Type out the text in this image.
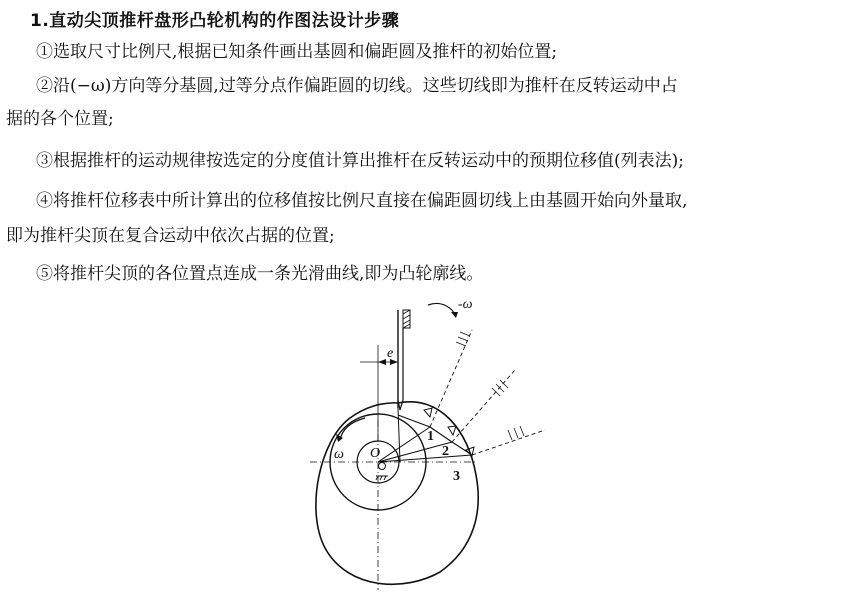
1.直动尖顶推杆盘形凸轮机构的作图法设计步骤
①选取尺寸比例尺,根据已知条件画出基圆和偏距圆及推杆的初始位置;
②沿(−ω)方向等分基圆,过等分点作偏距圆的切线。这些切线即为推杆在反转运动中占
据的各个位置;
③根据推杆的运动规律按选定的分度值计算出推杆在反转运动中的预期位移值(列表法);
④将推杆位移表中所计算出的位移值按比例尺直接在偏距圆切线上由基圆开始向外量取,
即为推杆尖顶在复合运动中依次占据的位置;
⑤将推杆尖顶的各位置点连成一条光滑曲线,即为凸轮廓线。
e
-ω
ω O
1
2
3
